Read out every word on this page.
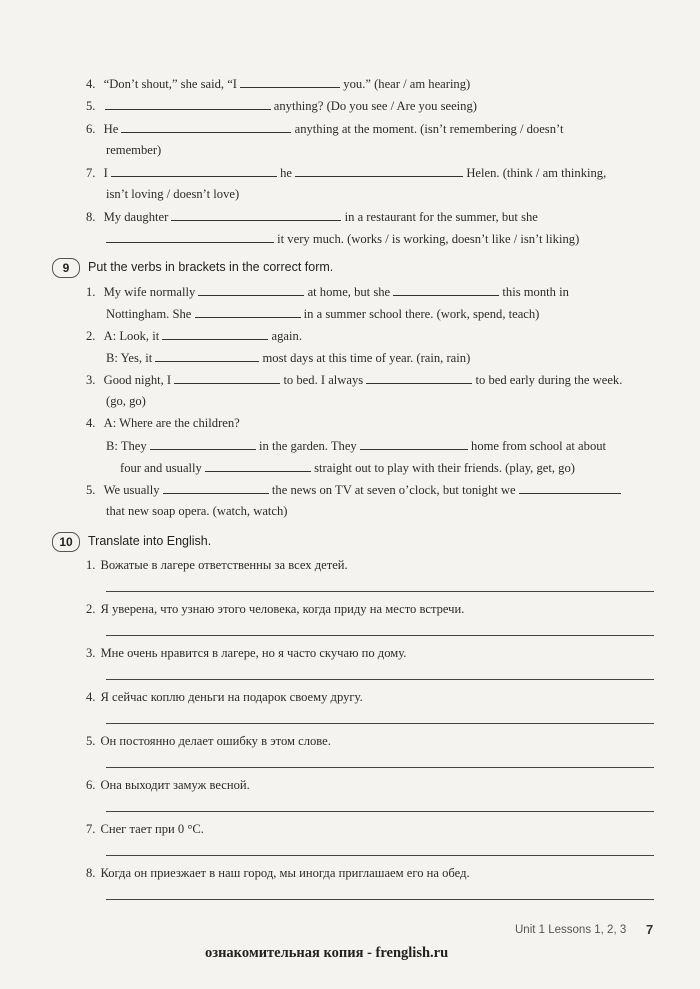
4. “Don’t shout,” she said, “I	you.” (hear / am hearing)
5.	anything? (Do you see / Are you seeing)
6. He	anything at the moment. (isn’t remembering / doesn’t
remember)
7. I	he	Helen. (think / am thinking,
isn’t loving / doesn’t love)
8. My daughter	in a restaurant for the summer, but she
it very much. (works / is working, doesn’t like / isn’t liking)
9	Put the verbs in brackets in the correct form.
1. My wife normally	at home, but she	this month in
Nottingham. She	in a summer school there. (work, spend, teach)
2. A: Look, it	again.
B: Yes, it	most days at this time of year. (rain, rain)
3. Good night, I	to bed. I always	to bed early during the week.
(go, go)
4. A: Where are the children?
B: They	in the garden. They	home from school at about
four and usually	straight out to play with their friends. (play, get, go)
5. We usually	the news on TV at seven o’clock, but tonight we
that new soap opera. (watch, watch)
10	Translate into English.
1. Вожатые в лагере ответственны за всех детей.
2. Я уверена, что узнаю этого человека, когда приду на место встречи.
3. Мне очень нравится в лагере, но я часто скучаю по дому.
4. Я сейчас коплю деньги на подарок своему другу.
5. Он постоянно делает ошибку в этом слове.
6. Она выходит замуж весной.
7. Снег тает при 0 °С.
8. Когда он приезжает в наш город, мы иногда приглашаем его на обед.
Unit 1 Lessons 1, 2, 3 7
ознакомительная копия - frenglish.ru
